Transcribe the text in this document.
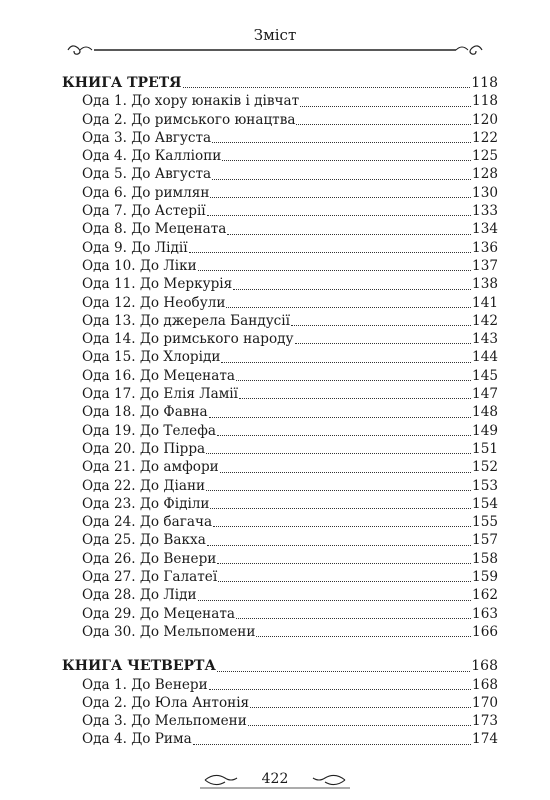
Зміст
КНИГА ТРЕТЯ	118
Ода 1. До хору юнаків і дівчат	118
Ода 2. До римського юнацтва	120
Ода 3. До Августа	122
Ода 4. До Калліопи	125
Ода 5. До Августа	128
Ода 6. До римлян	130
Ода 7. До Астерії	133
Ода 8. До Мецената	134
Ода 9. До Лідії	136
Ода 10. До Ліки	137
Ода 11. До Меркурія	138
Ода 12. До Необули	141
Ода 13. До джерела Бандусії	142
Ода 14. До римського народу	143
Ода 15. До Хлоріди	144
Ода 16. До Мецената	145
Ода 17. До Елія Ламії	147
Ода 18. До Фавна	148
Ода 19. До Телефа	149
Ода 20. До Пірра	151
Ода 21. До амфори	152
Ода 22. До Діани	153
Ода 23. До Фіділи	154
Ода 24. До багача	155
Ода 25. До Вакха	157
Ода 26. До Венери	158
Ода 27. До Галатеї	159
Ода 28. До Ліди	162
Ода 29. До Мецената	163
Ода 30. До Мельпомени	166
КНИГА ЧЕТВЕРТА	168
Ода 1. До Венери	168
Ода 2. До Юла Антонія	170
Ода 3. До Мельпомени	173
Ода 4. До Рима	174
422
